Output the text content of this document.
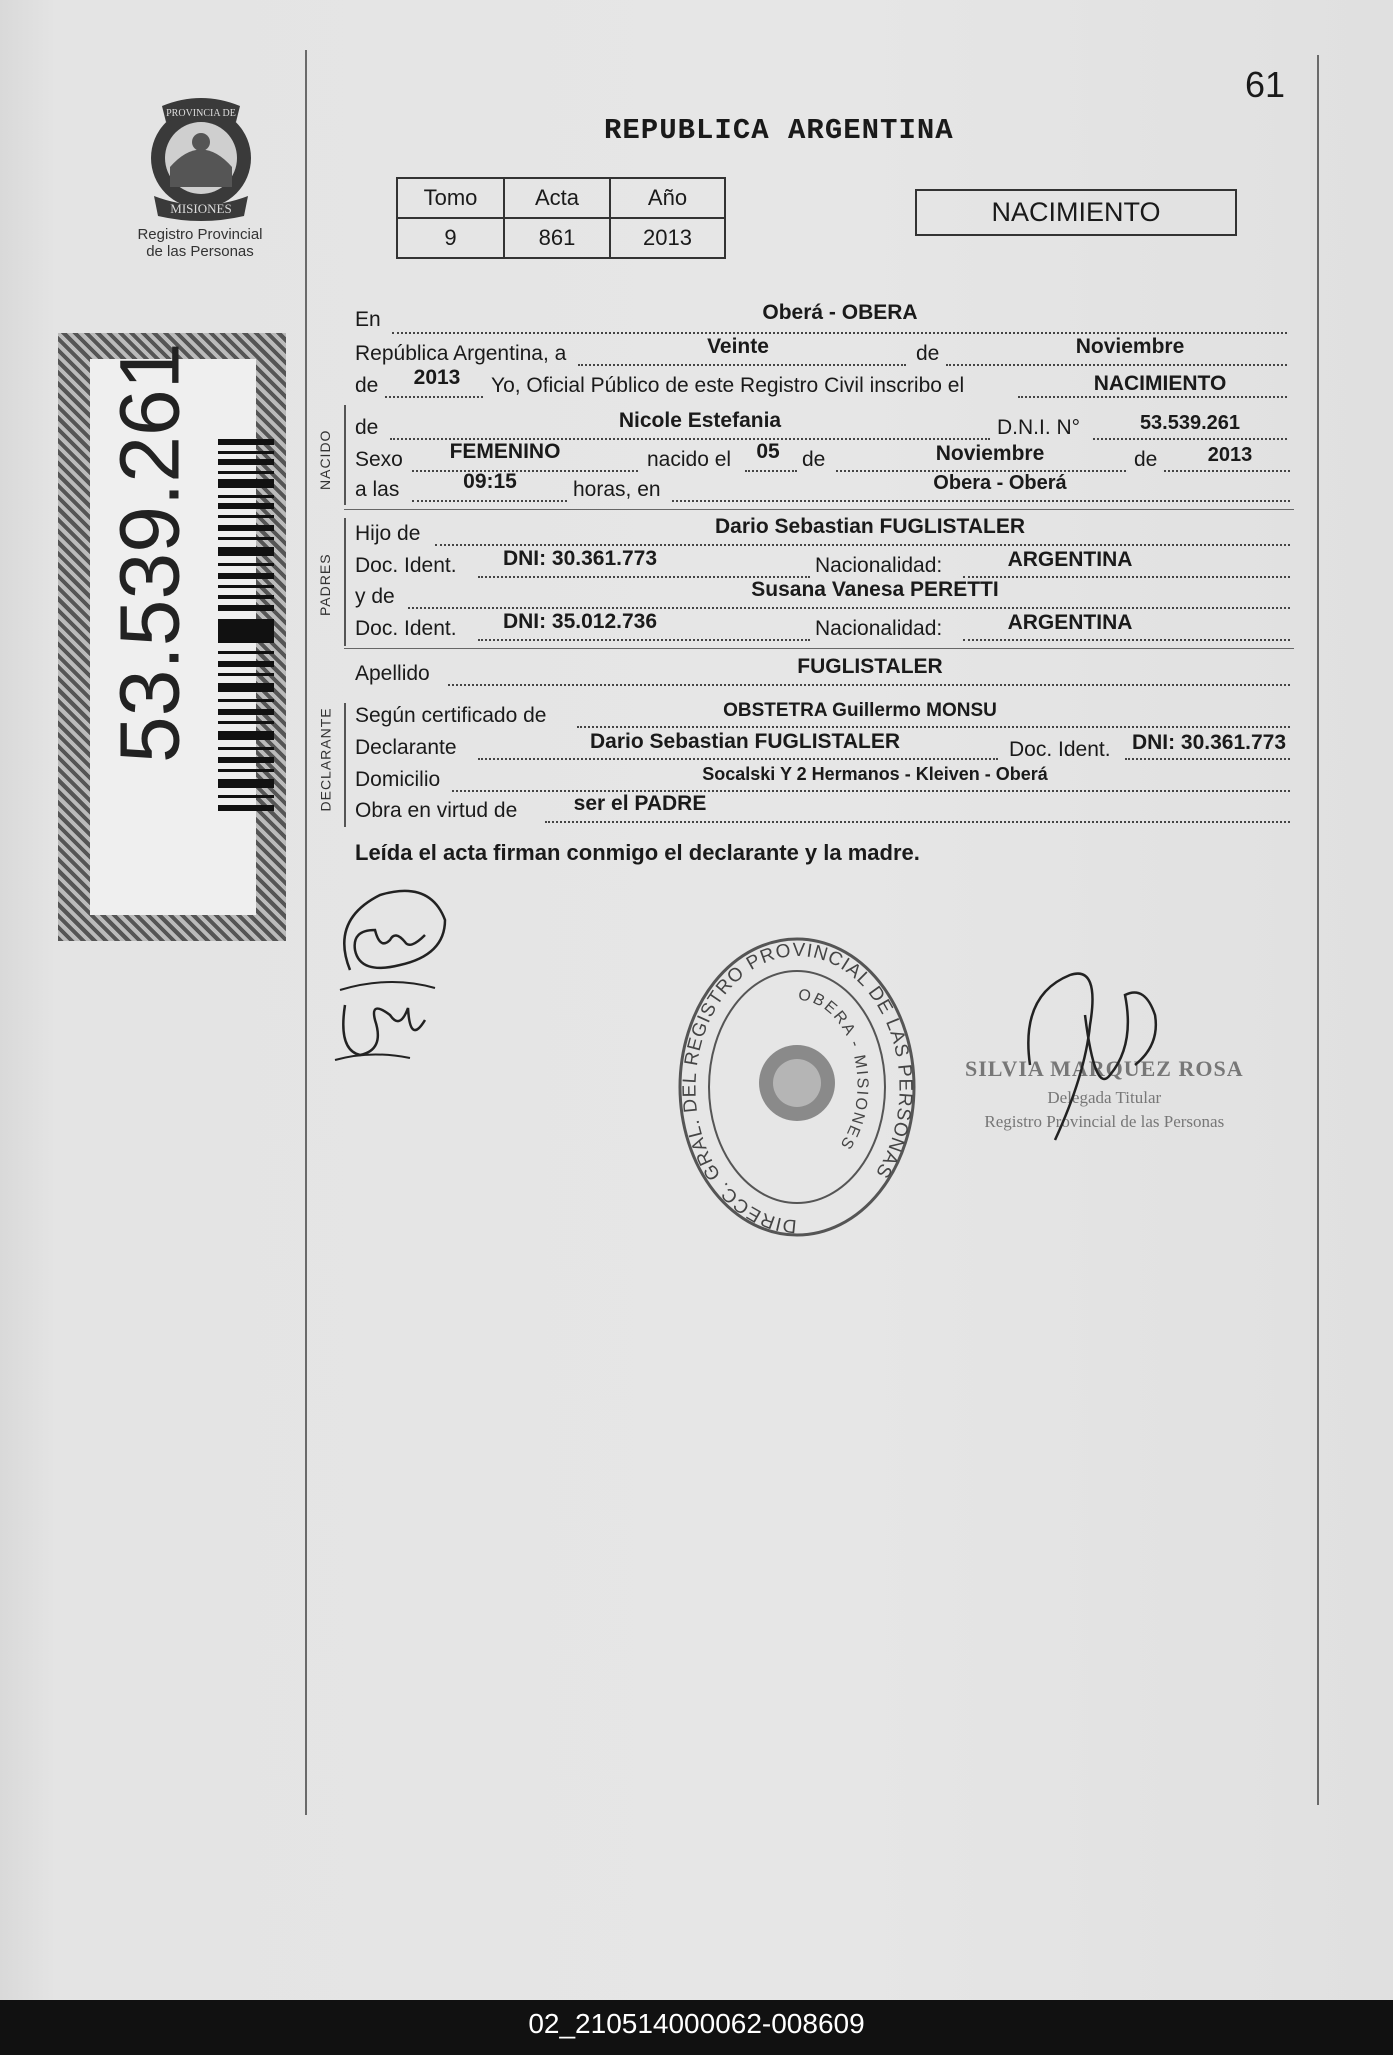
61
REPUBLICA ARGENTINA
PROVINCIA DE
MISIONES
Registro Provincial
de las Personas
Tomo	Acta	Año
9	861	2013
NACIMIENTO
53.539.261
En	Oberá - OBERA
República Argentina, a	Veinte	de	Noviembre
de	2013	Yo, Oficial Público de este Registro Civil inscribo el	NACIMIENTO
NACIDO
de	Nicole Estefania	D.N.I. N°	53.539.261
Sexo	FEMENINO	nacido el	05	de	Noviembre	de	2013
a las	09:15	horas, en	Obera - Oberá
PADRES
Hijo de	Dario Sebastian FUGLISTALER
Doc. Ident.	DNI: 30.361.773	Nacionalidad:	ARGENTINA
y de	Susana Vanesa PERETTI
Doc. Ident.	DNI: 35.012.736	Nacionalidad:	ARGENTINA
Apellido	FUGLISTALER
DECLARANTE Según certificado de	OBSTETRA Guillermo MONSU
Declarante	Dario Sebastian FUGLISTALER	Doc. Ident.	DNI: 30.361.773
Domicilio	Socalski Y 2 Hermanos - Kleiven - Oberá
Obra en virtud de	ser el PADRE
Leída el acta firman conmigo el declarante y la madre.
DIRECC. GRAL. DEL REGISTRO PROVINCIAL DE LAS PERSONAS
OBERA - MISIONES
SILVIA MARQUEZ ROSA
Delegada Titular
Registro Provincial de las Personas
02_210514000062-008609
